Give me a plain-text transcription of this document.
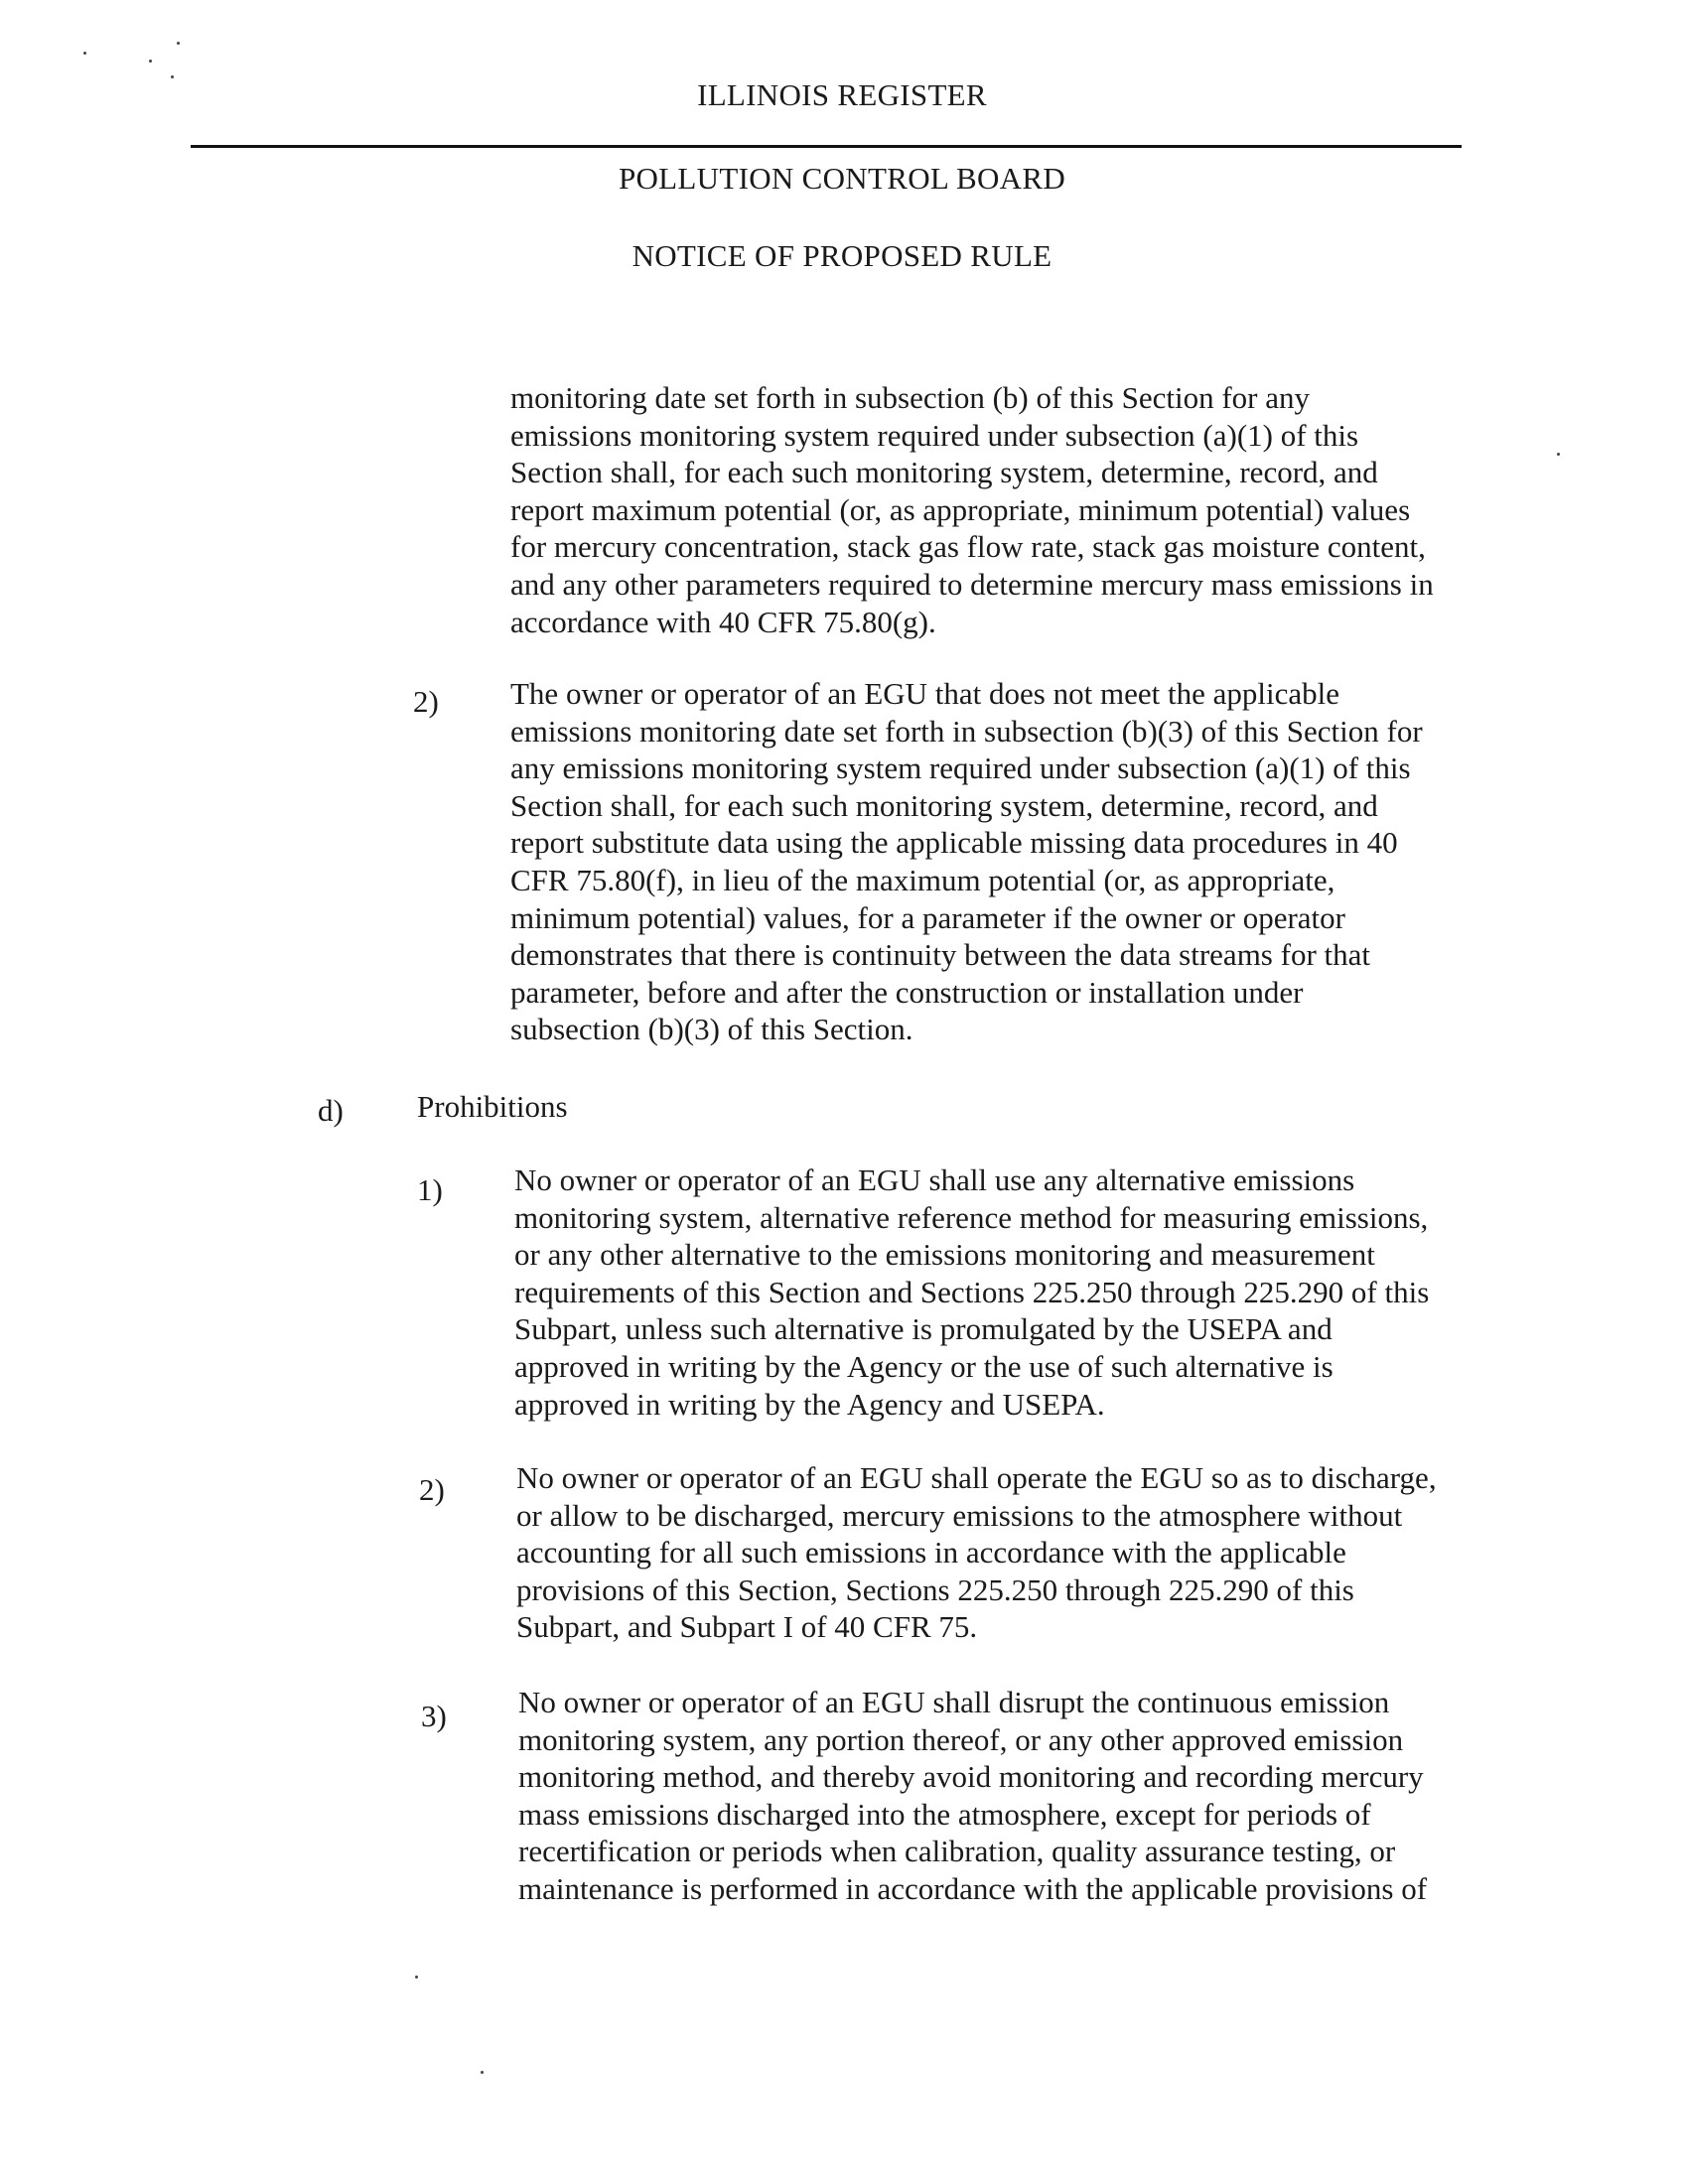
ILLINOIS REGISTER
POLLUTION CONTROL BOARD
NOTICE OF PROPOSED RULE
monitoring date set forth in subsection (b) of this Section for any
emissions monitoring system required under subsection (a)(1) of this
Section shall, for each such monitoring system, determine, record, and
report maximum potential (or, as appropriate, minimum potential) values
for mercury concentration, stack gas flow rate, stack gas moisture content,
and any other parameters required to determine mercury mass emissions in
accordance with 40 CFR 75.80(g).
2) The owner or operator of an EGU that does not meet the applicable
emissions monitoring date set forth in subsection (b)(3) of this Section for
any emissions monitoring system required under subsection (a)(1) of this
Section shall, for each such monitoring system, determine, record, and
report substitute data using the applicable missing data procedures in 40
CFR 75.80(f), in lieu of the maximum potential (or, as appropriate,
minimum potential) values, for a parameter if the owner or operator
demonstrates that there is continuity between the data streams for that
parameter, before and after the construction or installation under
subsection (b)(3) of this Section.
d) Prohibitions
1) No owner or operator of an EGU shall use any alternative emissions
monitoring system, alternative reference method for measuring emissions,
or any other alternative to the emissions monitoring and measurement
requirements of this Section and Sections 225.250 through 225.290 of this
Subpart, unless such alternative is promulgated by the USEPA and
approved in writing by the Agency or the use of such alternative is
approved in writing by the Agency and USEPA.
2) No owner or operator of an EGU shall operate the EGU so as to discharge,
or allow to be discharged, mercury emissions to the atmosphere without
accounting for all such emissions in accordance with the applicable
provisions of this Section, Sections 225.250 through 225.290 of this
Subpart, and Subpart I of 40 CFR 75.
3) No owner or operator of an EGU shall disrupt the continuous emission
monitoring system, any portion thereof, or any other approved emission
monitoring method, and thereby avoid monitoring and recording mercury
mass emissions discharged into the atmosphere, except for periods of
recertification or periods when calibration, quality assurance testing, or
maintenance is performed in accordance with the applicable provisions of
